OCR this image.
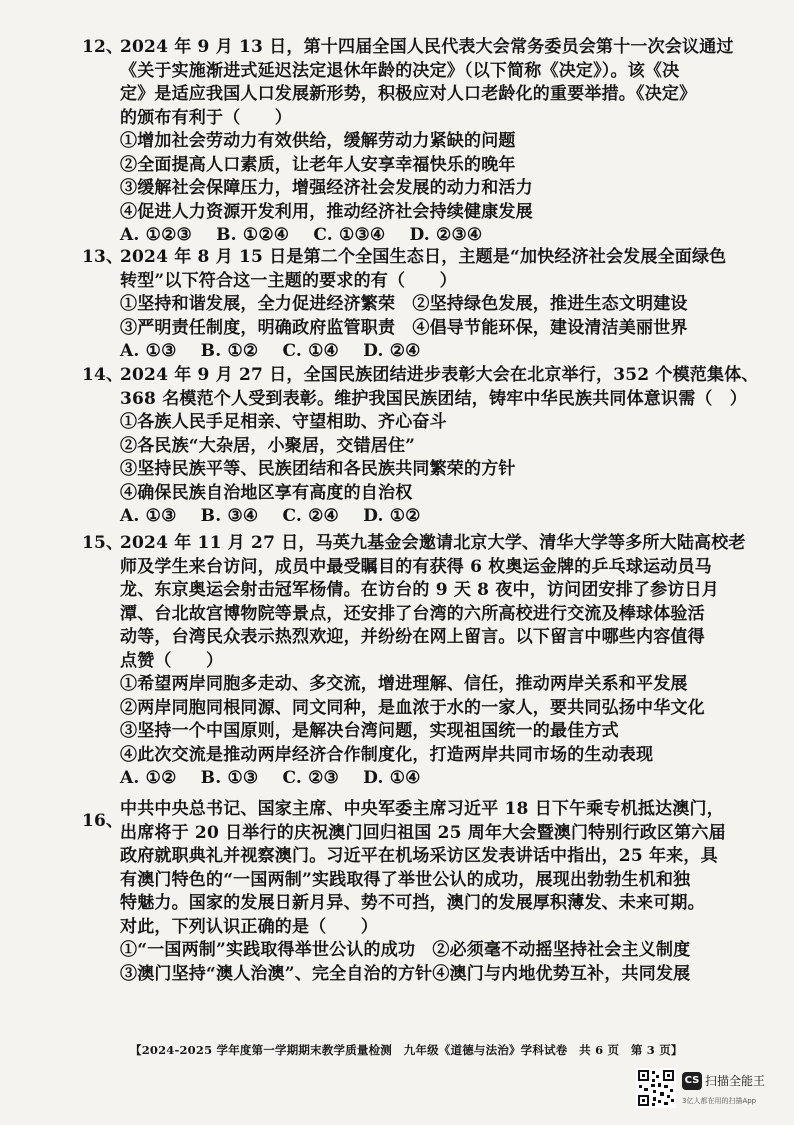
12、
2024 年 9 月 13 日，第十四届全国人民代表大会常务委员会第十一次会议通过
《关于实施渐进式延迟法定退休年龄的决定》（以下简称《决定》）。该《决
定》是适应我国人口发展新形势，积极应对人口老龄化的重要举措。《决定》
的颁布有利于（　　）
①增加社会劳动力有效供给，缓解劳动力紧缺的问题
②全面提高人口素质，让老年人安享幸福快乐的晚年
③缓解社会保障压力，增强经济社会发展的动力和活力
④促进人力资源开发利用，推动经济社会持续健康发展
A. ①②③ B. ①②④ C. ①③④ D. ②③④
13、
2024 年 8 月 15 日是第二个全国生态日，主题是“加快经济社会发展全面绿色
转型”以下符合这一主题的要求的有（　　）
①坚持和谐发展，全力促进经济繁荣　②坚持绿色发展，推进生态文明建设
③严明责任制度，明确政府监管职责　④倡导节能环保，建设清洁美丽世界
A. ①③ B. ①② C. ①④ D. ②④
14、
2024 年 9 月 27 日，全国民族团结进步表彰大会在北京举行，352 个模范集体、
368 名模范个人受到表彰。维护我国民族团结，铸牢中华民族共同体意识需（　）
①各族人民手足相亲、守望相助、齐心奋斗
②各民族“大杂居，小聚居，交错居住”
③坚持民族平等、民族团结和各民族共同繁荣的方针
④确保民族自治地区享有高度的自治权
A. ①③ B. ③④ C. ②④ D. ①②
15、
2024 年 11 月 27 日，马英九基金会邀请北京大学、清华大学等多所大陆高校老
师及学生来台访问，成员中最受瞩目的有获得 6 枚奥运金牌的乒乓球运动员马
龙、东京奥运会射击冠军杨倩。在访台的 9 天 8 夜中，访问团安排了参访日月
潭、台北故宫博物院等景点，还安排了台湾的六所高校进行交流及棒球体验活
动等，台湾民众表示热烈欢迎，并纷纷在网上留言。以下留言中哪些内容值得
点赞（　　）
①希望两岸同胞多走动、多交流，增进理解、信任，推动两岸关系和平发展
②两岸同胞同根同源、同文同种，是血浓于水的一家人，要共同弘扬中华文化
③坚持一个中国原则，是解决台湾问题，实现祖国统一的最佳方式
④此次交流是推动两岸经济合作制度化，打造两岸共同市场的生动表现
A. ①② B. ①③ C. ②③ D. ①④
16、
中共中央总书记、国家主席、中央军委主席习近平 18 日下午乘专机抵达澳门，
出席将于 20 日举行的庆祝澳门回归祖国 25 周年大会暨澳门特别行政区第六届
政府就职典礼并视察澳门。习近平在机场采访区发表讲话中指出，25 年来，具
有澳门特色的“一国两制”实践取得了举世公认的成功，展现出勃勃生机和独
特魅力。国家的发展日新月异、势不可挡，澳门的发展厚积薄发、未来可期。
对此，下列认识正确的是（　　）
①“一国两制”实践取得举世公认的成功　②必须毫不动摇坚持社会主义制度
③澳门坚持“澳人治澳”、完全自治的方针④澳门与内地优势互补，共同发展
【2024-2025 学年度第一学期期末教学质量检测　九年级《道德与法治》学科试卷　共 6 页　第 3 页】
CS 扫描全能王
3亿人都在用的扫描App
